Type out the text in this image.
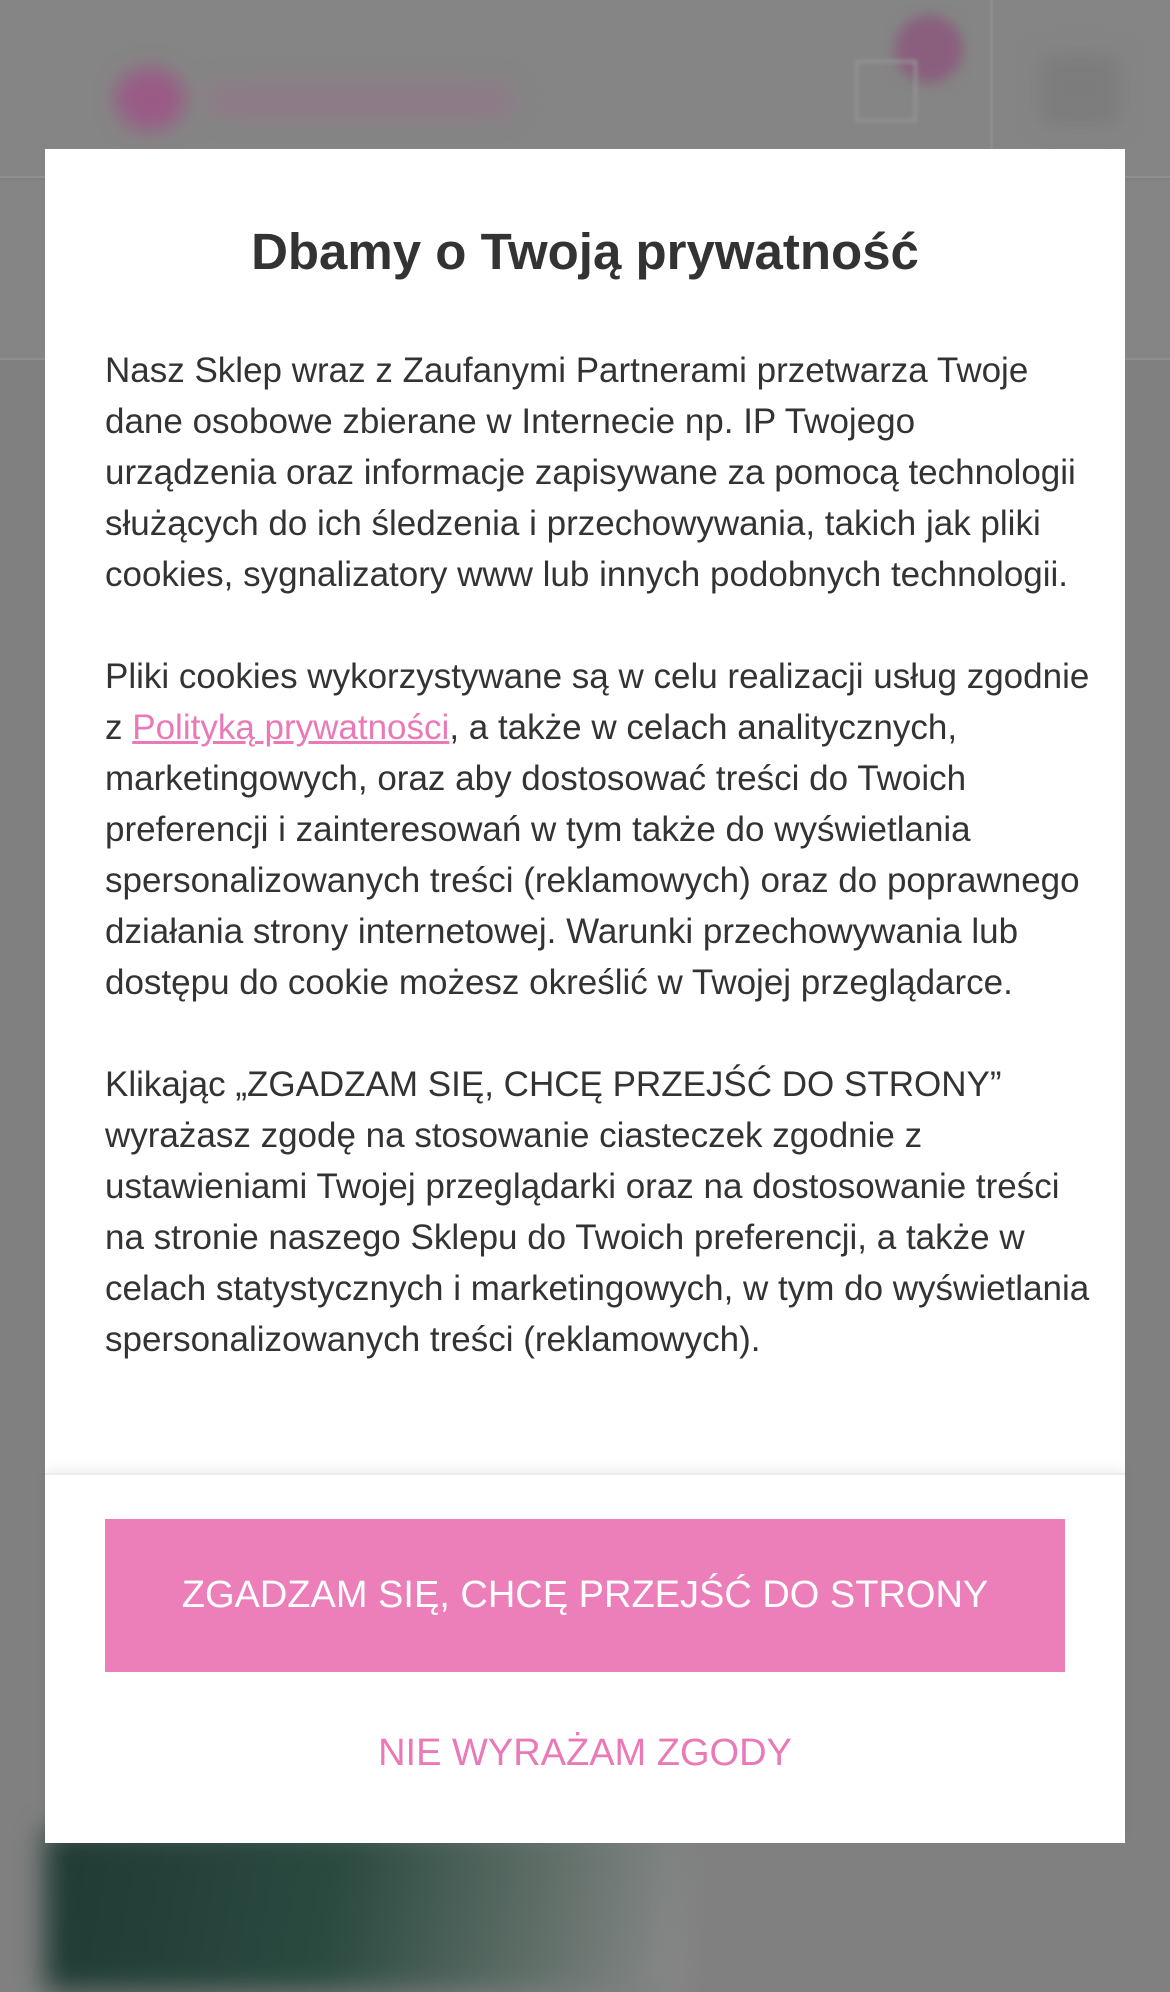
Dbamy o Twoją prywatność

Nasz Sklep wraz z Zaufanymi Partnerami przetwarza Twoje dane osobowe zbierane w Internecie np. IP Twojego urządzenia oraz informacje zapisywane za pomocą technologii służących do ich śledzenia i przechowywania, takich jak pliki cookies, sygnalizatory www lub innych podobnych technologii.

Pliki cookies wykorzystywane są w celu realizacji usług zgodnie z Polityką prywatności, a także w celach analitycznych, marketingowych, oraz aby dostosować treści do Twoich preferencji i zainteresowań w tym także do wyświetlania spersonalizowanych treści (reklamowych) oraz do poprawnego działania strony internetowej. Warunki przechowywania lub dostępu do cookie możesz określić w Twojej przeglądarce.

Klikając „ZGADZAM SIĘ, CHCĘ PRZEJŚĆ DO STRONY” wyrażasz zgodę na stosowanie ciasteczek zgodnie z ustawieniami Twojej przeglądarki oraz na dostosowanie treści na stronie naszego Sklepu do Twoich preferencji, a także w celach statystycznych i marketingowych, w tym do wyświetlania spersonalizowanych treści (reklamowych).

ZGADZAM SIĘ, CHCĘ PRZEJŚĆ DO STRONY
NIE WYRAŻAM ZGODY
